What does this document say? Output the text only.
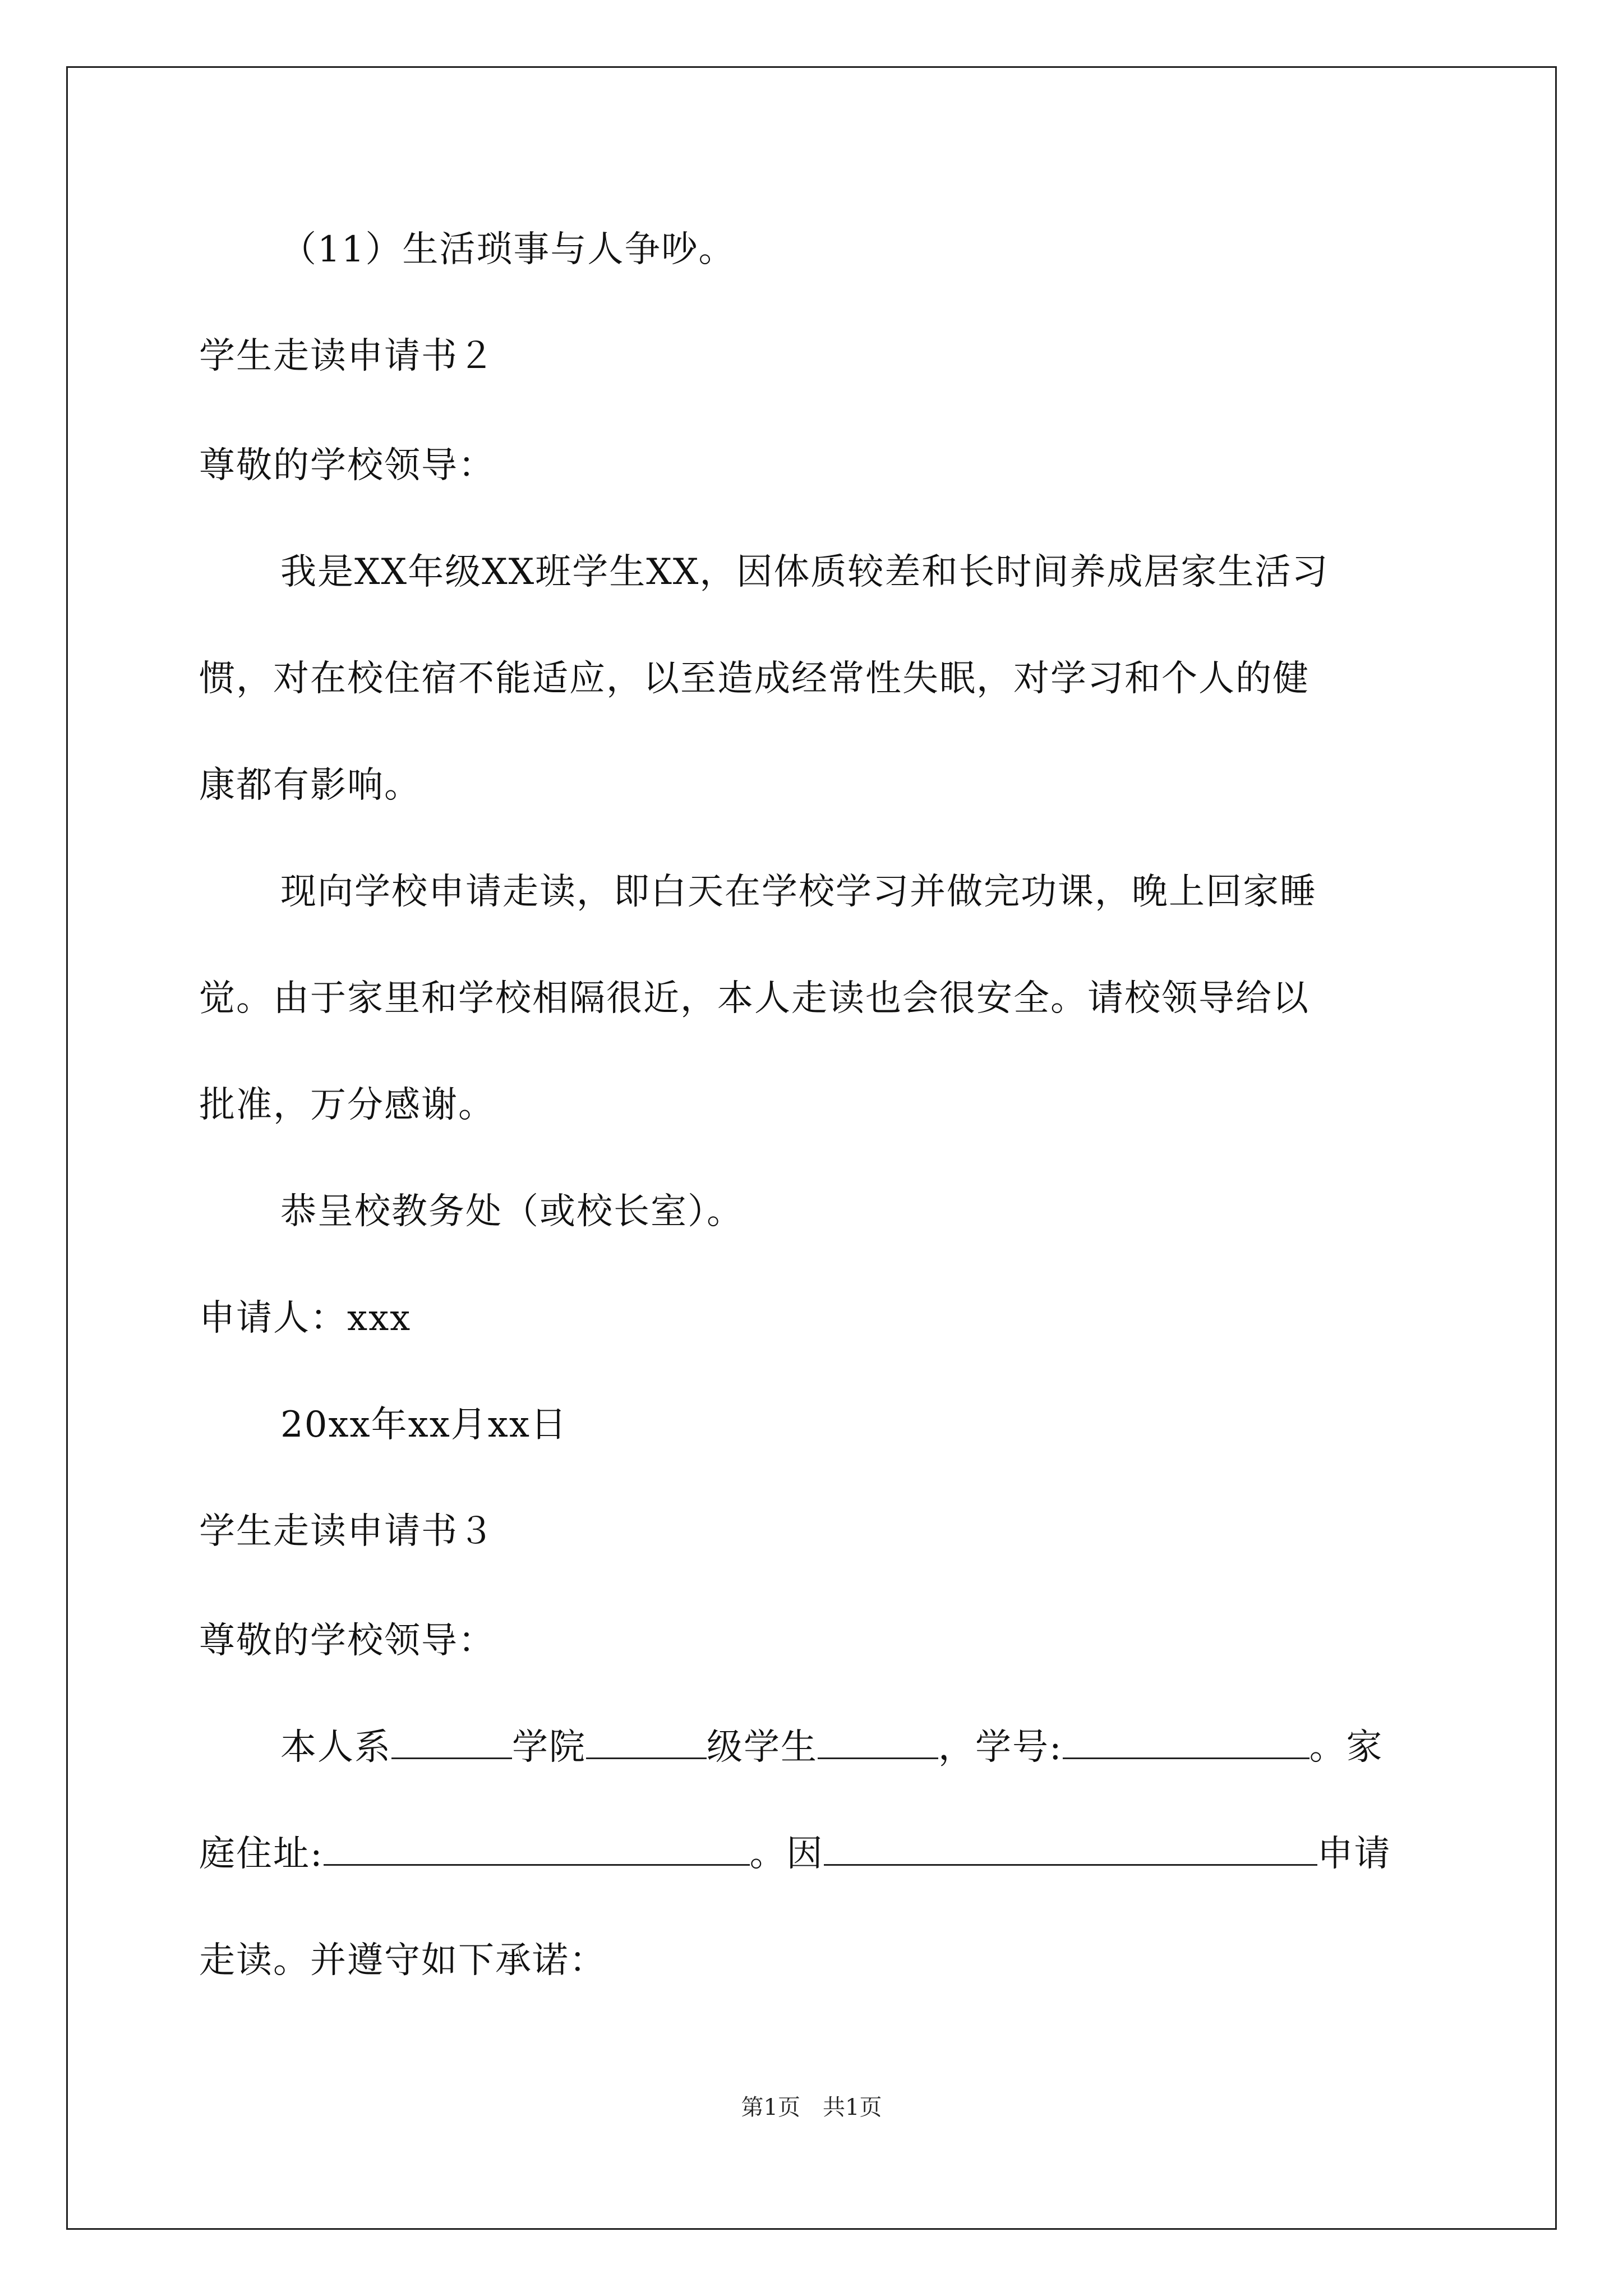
（11）生活琐事与人争吵。
学生走读申请书２
尊敬的学校领导：
我是XX年级XX班学生XX，因体质较差和长时间养成居家生活习
惯，对在校住宿不能适应，以至造成经常性失眠，对学习和个人的健
康都有影响。
现向学校申请走读，即白天在学校学习并做完功课，晚上回家睡
觉。由于家里和学校相隔很近，本人走读也会很安全。请校领导给以
批准，万分感谢。
恭呈校教务处（或校长室）。
申请人：xxx
20xx年xx月xx日
学生走读申请书３
尊敬的学校领导：
本人系	学院	级学生	，学号:	。家
庭住址:	。因	申请
走读。并遵守如下承诺：
第1页　共1页
